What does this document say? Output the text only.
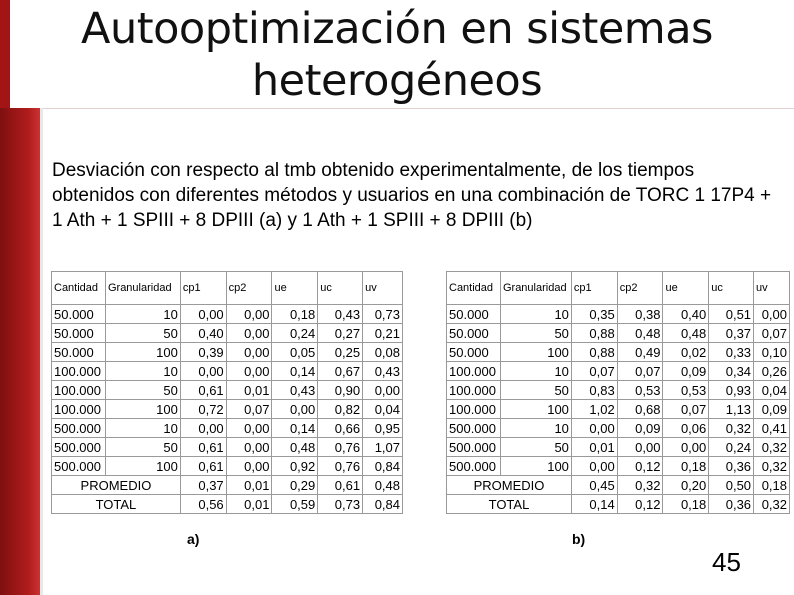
Autooptimización en sistemas
heterogéneos
Desviación con respecto al tmb obtenido experimentalmente, de los tiempos obtenidos con diferentes métodos y usuarios en una combinación de TORC 1 17P4 + 1 Ath + 1 SPIII + 8 DPIII (a) y 1 Ath + 1 SPIII + 8 DPIII (b)
Cantidad	Granularidad	cp1	cp2	ue	uc	uv
50.000	10	0,00	0,00	0,18	0,43	0,73
50.000	50	0,40	0,00	0,24	0,27	0,21
50.000	100	0,39	0,00	0,05	0,25	0,08
100.000	10	0,00	0,00	0,14	0,67	0,43
100.000	50	0,61	0,01	0,43	0,90	0,00
100.000	100	0,72	0,07	0,00	0,82	0,04
500.000	10	0,00	0,00	0,14	0,66	0,95
500.000	50	0,61	0,00	0,48	0,76	1,07
500.000	100	0,61	0,00	0,92	0,76	0,84
PROMEDIO		0,37	0,01	0,29	0,61	0,48
TOTAL		0,56	0,01	0,59	0,73	0,84
Cantidad	Granularidad	cp1	cp2	ue	uc	uv
50.000	10	0,35	0,38	0,40	0,51	0,00
50.000	50	0,88	0,48	0,48	0,37	0,07
50.000	100	0,88	0,49	0,02	0,33	0,10
100.000	10	0,07	0,07	0,09	0,34	0,26
100.000	50	0,83	0,53	0,53	0,93	0,04
100.000	100	1,02	0,68	0,07	1,13	0,09
500.000	10	0,00	0,09	0,06	0,32	0,41
500.000	50	0,01	0,00	0,00	0,24	0,32
500.000	100	0,00	0,12	0,18	0,36	0,32
PROMEDIO		0,45	0,32	0,20	0,50	0,18
TOTAL		0,14	0,12	0,18	0,36	0,32
a)	b)
45
